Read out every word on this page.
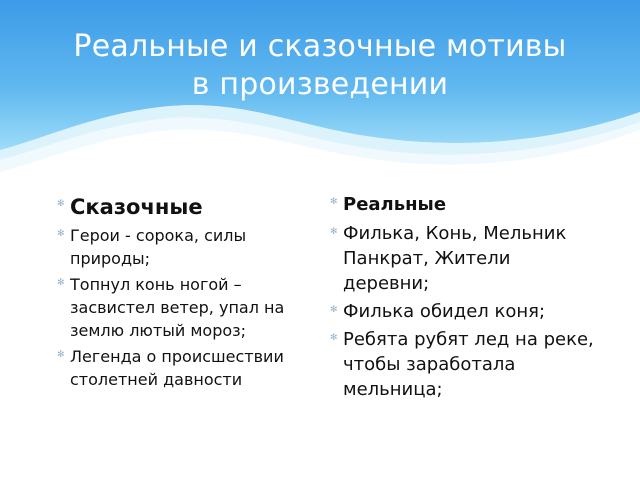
Реальные и сказочные мотивы
в произведении
✻ Сказочные
✻ Герои - сорока, силы природы;
✻ Топнул конь ногой – засвистел ветер, упал на землю лютый мороз;
✻ Легенда о происшествии столетней давности
✻ Реальные
✻ Филька, Конь, Мельник Панкрат, Жители деревни;
✻ Филька обидел коня;
✻ Ребята рубят лед на реке, чтобы заработала мельница;
